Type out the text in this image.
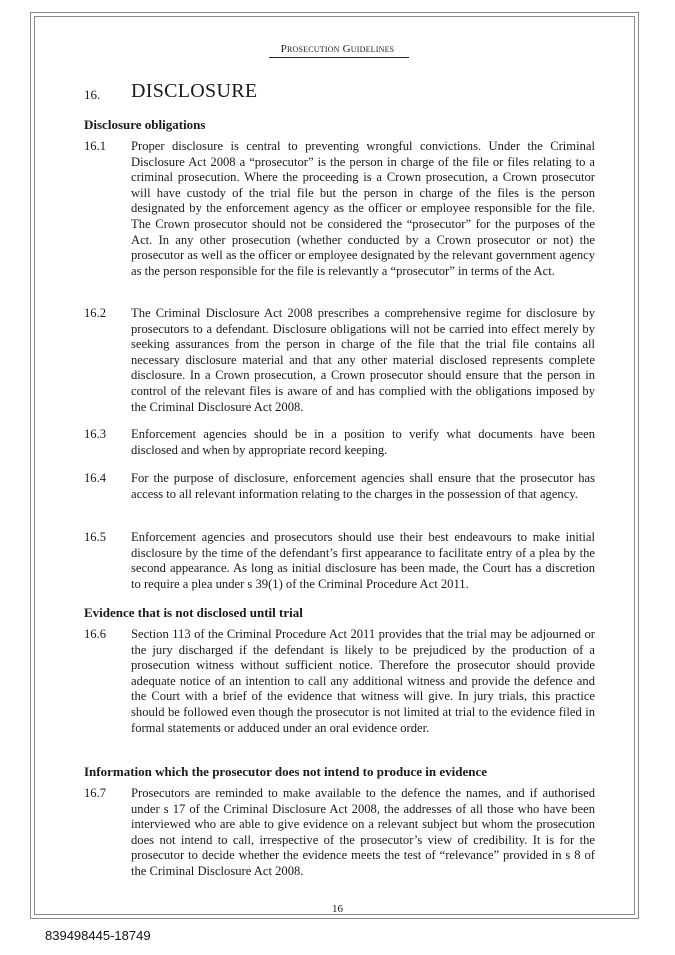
Prosecution Guidelines
16. DISCLOSURE
Disclosure obligations
16.1 Proper disclosure is central to preventing wrongful convictions. Under the Criminal Disclosure Act 2008 a “prosecutor” is the person in charge of the file or files relating to a criminal prosecution. Where the proceeding is a Crown prosecution, a Crown prosecutor will have custody of the trial file but the person in charge of the files is the person designated by the enforcement agency as the officer or employee responsible for the file. The Crown prosecutor should not be considered the “prosecutor” for the purposes of the Act. In any other prosecution (whether conducted by a Crown prosecutor or not) the prosecutor as well as the officer or employee designated by the relevant government agency as the person responsible for the file is relevantly a “prosecutor” in terms of the Act.

16.2 The Criminal Disclosure Act 2008 prescribes a comprehensive regime for disclosure by prosecutors to a defendant. Disclosure obligations will not be carried into effect merely by seeking assurances from the person in charge of the file that the trial file contains all necessary disclosure material and that any other material disclosed represents complete disclosure. In a Crown prosecution, a Crown prosecutor should ensure that the person in control of the relevant files is aware of and has complied with the obligations imposed by the Criminal Disclosure Act 2008.

16.3 Enforcement agencies should be in a position to verify what documents have been disclosed and when by appropriate record keeping.

16.4 For the purpose of disclosure, enforcement agencies shall ensure that the prosecutor has access to all relevant information relating to the charges in the possession of that agency.

16.5 Enforcement agencies and prosecutors should use their best endeavours to make initial disclosure by the time of the defendant’s first appearance to facilitate entry of a plea by the second appearance. As long as initial disclosure has been made, the Court has a discretion to require a plea under s 39(1) of the Criminal Procedure Act 2011.

Evidence that is not disclosed until trial
16.6 Section 113 of the Criminal Procedure Act 2011 provides that the trial may be adjourned or the jury discharged if the defendant is likely to be prejudiced by the production of a prosecution witness without sufficient notice. Therefore the prosecutor should provide adequate notice of an intention to call any additional witness and provide the defence and the Court with a brief of the evidence that witness will give. In jury trials, this practice should be followed even though the prosecutor is not limited at trial to the evidence filed in formal statements or adduced under an oral evidence order.

Information which the prosecutor does not intend to produce in evidence
16.7 Prosecutors are reminded to make available to the defence the names, and if authorised under s 17 of the Criminal Disclosure Act 2008, the addresses of all those who have been interviewed who are able to give evidence on a relevant subject but whom the prosecution does not intend to call, irrespective of the prosecutor’s view of credibility. It is for the prosecutor to decide whether the evidence meets the test of “relevance” provided in s 8 of the Criminal Disclosure Act 2008.

16
839498445-18749
